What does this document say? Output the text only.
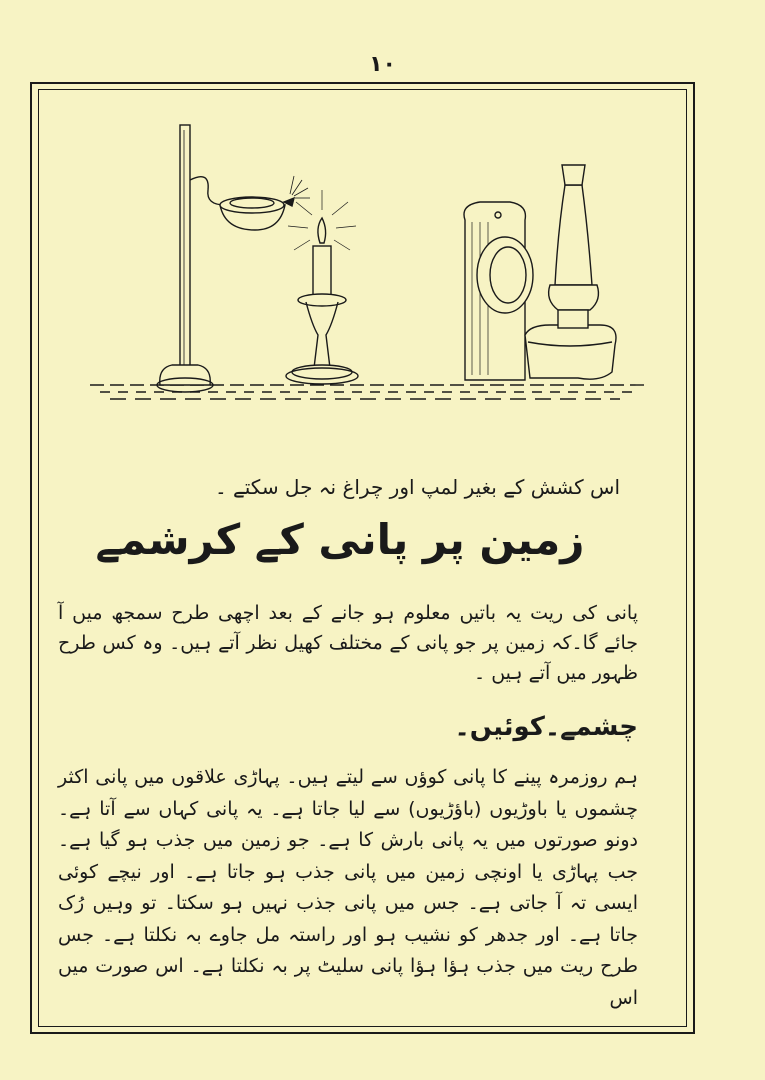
۱۰
اس کشش کے بغیر لمپ اور چراغ نہ جل سکتے ۔
زمین پر پانی کے کرشمے
پانی کی ریت یہ باتیں معلوم ہو جانے کے بعد اچھی طرح سمجھ میں آ جائے گا۔کہ زمین پر جو پانی کے مختلف کھیل نظر آتے ہیں۔ وہ کس طرح ظہور میں آتے ہیں ۔
چشمے۔کوئیں۔
ہم روزمرہ پینے کا پانی کوؤں سے لیتے ہیں۔ پہاڑی علاقوں میں پانی اکثر چشموں یا باوڑیوں (باؤڑیوں) سے لیا جاتا ہے۔ یہ پانی کہاں سے آتا ہے۔ دونو صورتوں میں یہ پانی بارش کا ہے۔ جو زمین میں جذب ہو گیا ہے۔ جب پہاڑی یا اونچی زمین میں پانی جذب ہو جاتا ہے۔ اور نیچے کوئی ایسی تہ آ جاتی ہے۔ جس میں پانی جذب نہیں ہو سکتا۔ تو وہیں رُک جاتا ہے۔ اور جدھر کو نشیب ہو اور راستہ مل جاوے بہ نکلتا ہے۔ جس طرح ریت میں جذب ہؤا ہؤا پانی سلیٹ پر بہ نکلتا ہے۔ اس صورت میں اس
